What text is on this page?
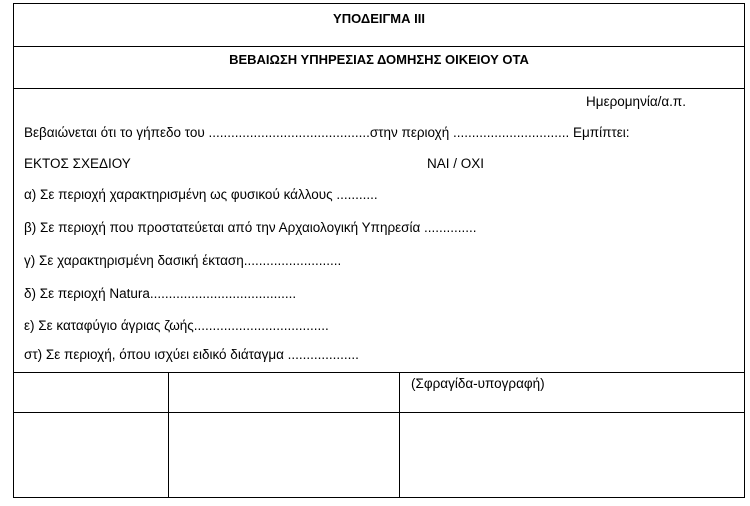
ΥΠΟΔΕΙΓΜΑ ΙΙΙ
ΒΕΒΑΙΩΣΗ ΥΠΗΡΕΣΙΑΣ ΔΟΜΗΣΗΣ ΟΙΚΕΙΟΥ ΟΤΑ
Ημερομηνία/α.π.
Βεβαιώνεται ότι το γήπεδο του ...........................................στην περιοχή ............................... Εμπίπτει:
ΕΚΤΟΣ ΣΧΕΔΙΟΥ	ΝΑΙ / ΟΧΙ
α) Σε περιοχή χαρακτηρισμένη ως φυσικού κάλλους ...........
β) Σε περιοχή που προστατεύεται από την Αρχαιολογική Υπηρεσία ..............
γ) Σε χαρακτηρισμένη δασική έκταση..........................
δ) Σε περιοχή Natura.......................................
ε) Σε καταφύγιο άγριας ζωής....................................
στ) Σε περιοχή, όπου ισχύει ειδικό διάταγμα ...................
(Σφραγίδα-υπογραφή)
